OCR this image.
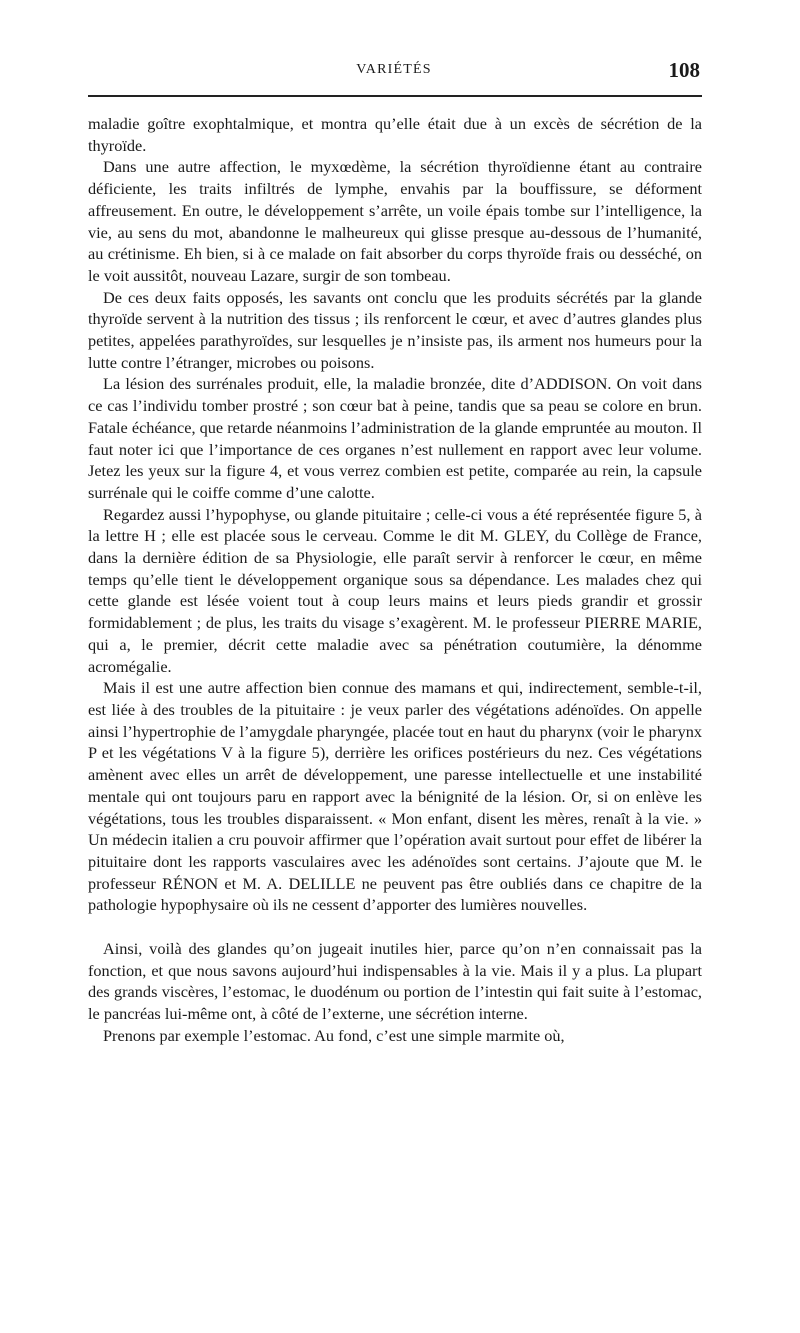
VARIÉTÉS	108

maladie goître exophtalmique, et montra qu’elle était due à un excès de sécrétion de la thyroïde.

Dans une autre affection, le myxœdème, la sécrétion thyroïdienne étant au contraire déficiente, les traits infiltrés de lymphe, envahis par la bouffissure, se déforment affreusement. En outre, le développement s’arrête, un voile épais tombe sur l’intelligence, la vie, au sens du mot, abandonne le malheureux qui glisse presque au-dessous de l’humanité, au crétinisme. Eh bien, si à ce malade on fait absorber du corps thyroïde frais ou desséché, on le voit aussitôt, nouveau Lazare, surgir de son tombeau.

De ces deux faits opposés, les savants ont conclu que les produits sécrétés par la glande thyroïde servent à la nutrition des tissus ; ils renforcent le cœur, et avec d’autres glandes plus petites, appelées parathyroïdes, sur lesquelles je n’insiste pas, ils arment nos humeurs pour la lutte contre l’étranger, microbes ou poisons.

La lésion des surrénales produit, elle, la maladie bronzée, dite d’ADDISON. On voit dans ce cas l’individu tomber prostré ; son cœur bat à peine, tandis que sa peau se colore en brun. Fatale échéance, que retarde néanmoins l’administration de la glande empruntée au mouton. Il faut noter ici que l’importance de ces organes n’est nullement en rapport avec leur volume. Jetez les yeux sur la figure 4, et vous verrez combien est petite, comparée au rein, la capsule surrénale qui le coiffe comme d’une calotte.

Regardez aussi l’hypophyse, ou glande pituitaire ; celle-ci vous a été représentée figure 5, à la lettre H ; elle est placée sous le cerveau. Comme le dit M. GLEY, du Collège de France, dans la dernière édition de sa Physiologie, elle paraît servir à renforcer le cœur, en même temps qu’elle tient le développement organique sous sa dépendance. Les malades chez qui cette glande est lésée voient tout à coup leurs mains et leurs pieds grandir et grossir formidablement ; de plus, les traits du visage s’exagèrent. M. le professeur PIERRE MARIE, qui a, le premier, décrit cette maladie avec sa pénétration coutumière, la dénomme acromégalie.

Mais il est une autre affection bien connue des mamans et qui, indirectement, semble-t-il, est liée à des troubles de la pituitaire : je veux parler des végétations adénoïdes. On appelle ainsi l’hypertrophie de l’amygdale pharyngée, placée tout en haut du pharynx (voir le pharynx P et les végétations V à la figure 5), derrière les orifices postérieurs du nez. Ces végétations amènent avec elles un arrêt de développement, une paresse intellectuelle et une instabilité mentale qui ont toujours paru en rapport avec la bénignité de la lésion. Or, si on enlève les végétations, tous les troubles disparaissent. « Mon enfant, disent les mères, renaît à la vie. » Un médecin italien a cru pouvoir affirmer que l’opération avait surtout pour effet de libérer la pituitaire dont les rapports vasculaires avec les adénoïdes sont certains. J’ajoute que M. le professeur RÉNON et M. A. DELILLE ne peuvent pas être oubliés dans ce chapitre de la pathologie hypophysaire où ils ne cessent d’apporter des lumières nouvelles.

Ainsi, voilà des glandes qu’on jugeait inutiles hier, parce qu’on n’en connaissait pas la fonction, et que nous savons aujourd’hui indispensables à la vie. Mais il y a plus. La plupart des grands viscères, l’estomac, le duodénum ou portion de l’intestin qui fait suite à l’estomac, le pancréas lui-même ont, à côté de l’externe, une sécrétion interne.

Prenons par exemple l’estomac. Au fond, c’est une simple marmite où,
